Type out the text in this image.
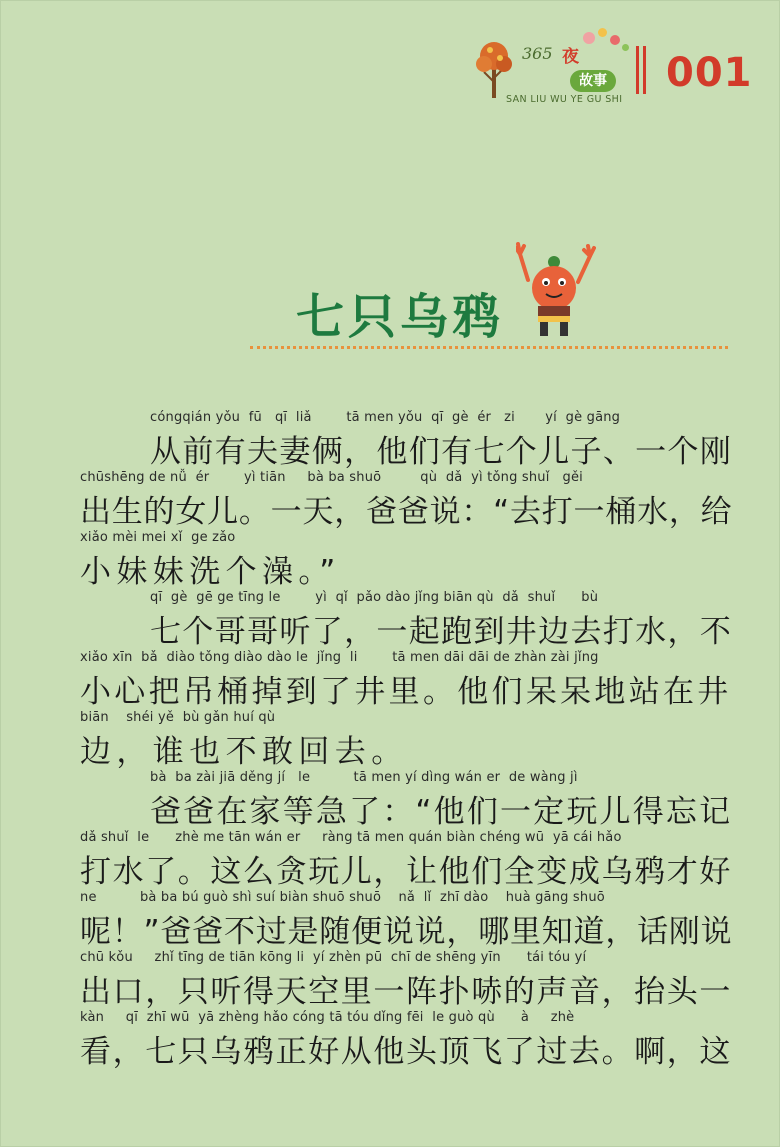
365 夜
故事
SAN LIU WU YE GU SHI
001
七只乌鸦
cóngqián yǒu  fū   qī  liǎ        tā men yǒu  qī  gè  ér   zi       yí  gè gāng
从前有夫妻俩，他们有七个儿子、一个刚
chūshēng de nǚ  ér        yì tiān     bà ba shuō         qù  dǎ  yì tǒng shuǐ   gěi
出生的女儿。一天，爸爸说：“去打一桶水，给
xiǎo mèi mei xǐ  ge zǎo
小妹妹洗个澡。”
qī  gè  gē ge tīng le        yì  qǐ  pǎo dào jǐng biān qù  dǎ  shuǐ      bù
七个哥哥听了，一起跑到井边去打水，不
xiǎo xīn  bǎ  diào tǒng diào dào le  jǐng  li        tā men dāi dāi de zhàn zài jǐng
小心把吊桶掉到了井里。他们呆呆地站在井
biān    shéi yě  bù gǎn huí qù
边，谁也不敢回去。
bà  ba zài jiā děng jí   le          tā men yí dìng wán er  de wàng jì
爸爸在家等急了：“他们一定玩儿得忘记
dǎ shuǐ  le      zhè me tān wán er     ràng tā men quán biàn chéng wū  yā cái hǎo
打水了。这么贪玩儿，让他们全变成乌鸦才好
ne          bà ba bú guò shì suí biàn shuō shuō    nǎ  lǐ  zhī dào    huà gāng shuō
呢！”爸爸不过是随便说说，哪里知道，话刚说
chū kǒu     zhǐ tīng de tiān kōng li  yí zhèn pū  chī de shēng yīn      tái tóu yí
出口，只听得天空里一阵扑哧的声音，抬头一
kàn     qī  zhī wū  yā zhèng hǎo cóng tā tóu dǐng fēi  le guò qù      à     zhè
看，七只乌鸦正好从他头顶飞了过去。啊，这
